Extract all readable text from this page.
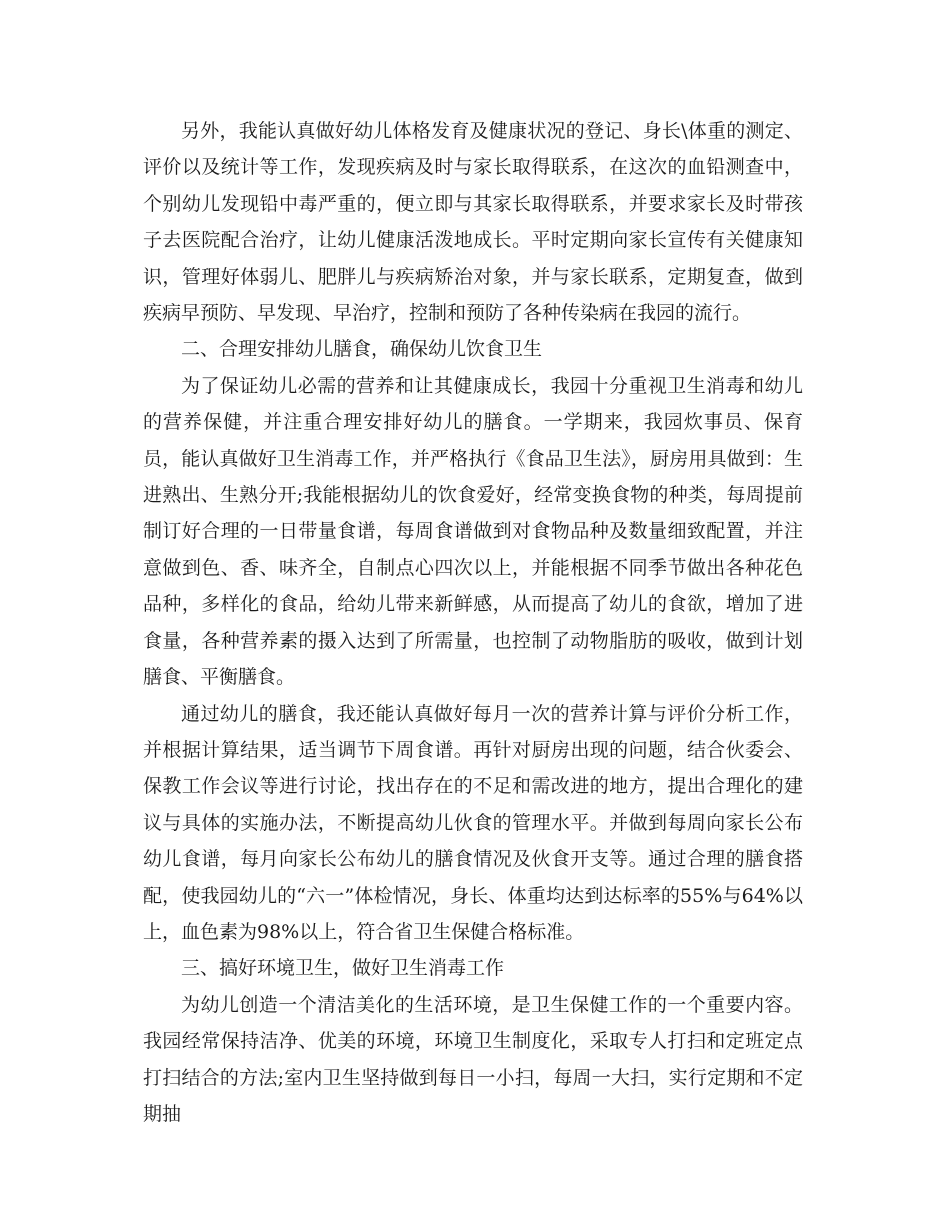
另外，我能认真做好幼儿体格发育及健康状况的登记、身长\体重的测定、评价以及统计等工作，发现疾病及时与家长取得联系，在这次的血铅测查中，个别幼儿发现铅中毒严重的，便立即与其家长取得联系，并要求家长及时带孩子去医院配合治疗，让幼儿健康活泼地成长。平时定期向家长宣传有关健康知识，管理好体弱儿、肥胖儿与疾病矫治对象，并与家长联系，定期复查，做到疾病早预防、早发现、早治疗，控制和预防了各种传染病在我园的流行。

二、合理安排幼儿膳食，确保幼儿饮食卫生

为了保证幼儿必需的营养和让其健康成长，我园十分重视卫生消毒和幼儿的营养保健，并注重合理安排好幼儿的膳食。一学期来，我园炊事员、保育员，能认真做好卫生消毒工作，并严格执行《食品卫生法》，厨房用具做到：生进熟出、生熟分开;我能根据幼儿的饮食爱好，经常变换食物的种类，每周提前制订好合理的一日带量食谱，每周食谱做到对食物品种及数量细致配置，并注意做到色、香、味齐全，自制点心四次以上，并能根据不同季节做出各种花色品种，多样化的食品，给幼儿带来新鲜感，从而提高了幼儿的食欲，增加了进食量，各种营养素的摄入达到了所需量，也控制了动物脂肪的吸收，做到计划膳食、平衡膳食。

通过幼儿的膳食，我还能认真做好每月一次的营养计算与评价分析工作，并根据计算结果，适当调节下周食谱。再针对厨房出现的问题，结合伙委会、保教工作会议等进行讨论，找出存在的不足和需改进的地方，提出合理化的建议与具体的实施办法，不断提高幼儿伙食的管理水平。并做到每周向家长公布幼儿食谱，每月向家长公布幼儿的膳食情况及伙食开支等。通过合理的膳食搭配，使我园幼儿的“六一”体检情况，身长、体重均达到达标率的55%与64%以上，血色素为98%以上，符合省卫生保健合格标准。

三、搞好环境卫生，做好卫生消毒工作

为幼儿创造一个清洁美化的生活环境，是卫生保健工作的一个重要内容。我园经常保持洁净、优美的环境，环境卫生制度化，采取专人打扫和定班定点打扫结合的方法;室内卫生坚持做到每日一小扫，每周一大扫，实行定期和不定期抽
